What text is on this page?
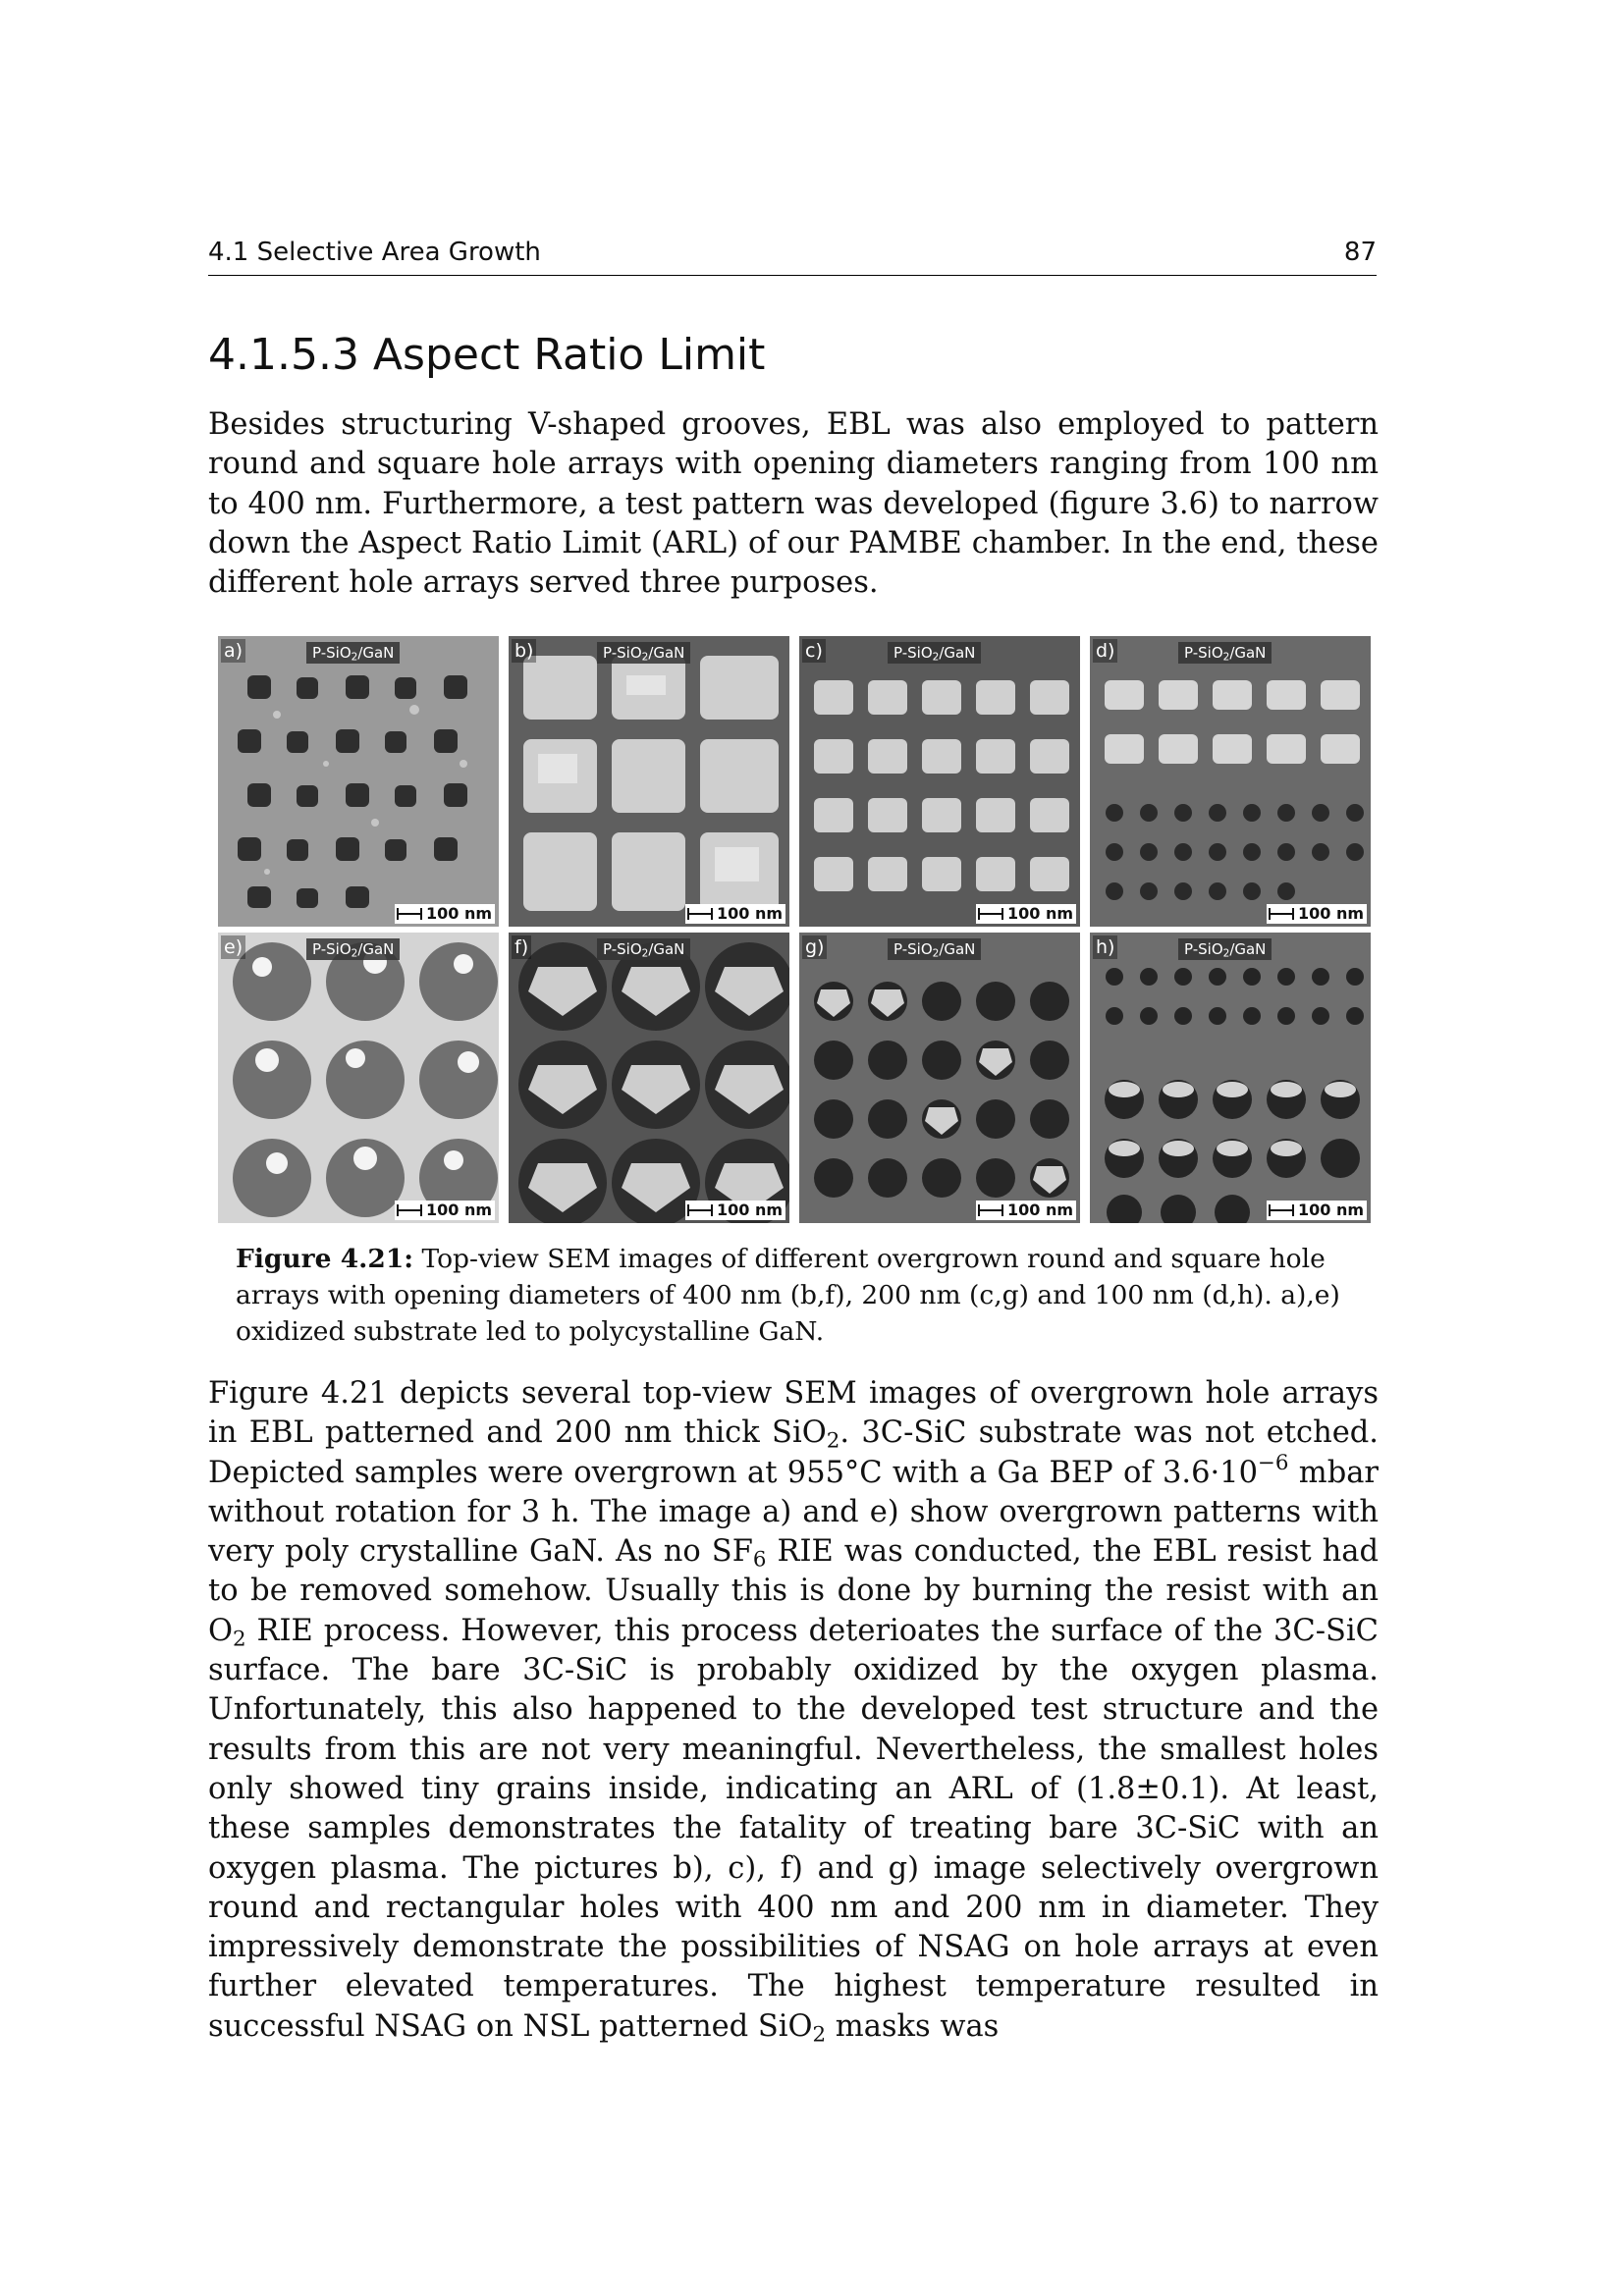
4.1 Selective Area Growth	87
4.1.5.3 Aspect Ratio Limit

Besides structuring V-shaped grooves, EBL was also employed to pattern round and square hole arrays with opening diameters ranging from 100 nm to 400 nm. Furthermore, a test pattern was developed (figure 3.6) to narrow down the Aspect Ratio Limit (ARL) of our PAMBE chamber. In the end, these different hole arrays served three purposes.

a)	P-SiO$_2$/GaN
100 nm
b)	P-SiO$_2$/GaN
100 nm
c)	P-SiO$_2$/GaN
100 nm
d)	P-SiO$_2$/GaN
100 nm
e)	P-SiO$_2$/GaN
100 nm
f)	P-SiO$_2$/GaN
100 nm
g)	P-SiO$_2$/GaN
100 nm
h)	P-SiO$_2$/GaN
100 nm

Figure 4.21: Top-view SEM images of different overgrown round and square hole arrays with opening diameters of 400 nm (b,f), 200 nm (c,g) and 100 nm (d,h). a),e) oxidized substrate led to polycystalline GaN.

Figure 4.21 depicts several top-view SEM images of overgrown hole arrays in EBL patterned and 200 nm thick SiO$_2$. 3C-SiC substrate was not etched. Depicted samples were overgrown at 955°C with a Ga BEP of $3.6\cdot 10^{-6}$ mbar without rotation for 3 h. The image a) and e) show overgrown patterns with very poly crystalline GaN. As no $SF_6$ RIE was conducted, the EBL resist had to be removed somehow. Usually this is done by burning the resist with an $O_2$ RIE process. However, this process deterioates the surface of the 3C-SiC surface. The bare 3C-SiC is probably oxidized by the oxygen plasma. Unfortunately, this also happened to the developed test structure and the results from this are not very meaningful. Nevertheless, the smallest holes only showed tiny grains inside, indicating an ARL of (1.8±0.1). At least, these samples demonstrates the fatality of treating bare 3C-SiC with an oxygen plasma. The pictures b), c), f) and g) image selectively overgrown round and rectangular holes with 400 nm and 200 nm in diameter. They impressively demonstrate the possibilities of NSAG on hole arrays at even further elevated temperatures. The highest temperature resulted in successful NSAG on NSL patterned SiO$_2$ masks was
